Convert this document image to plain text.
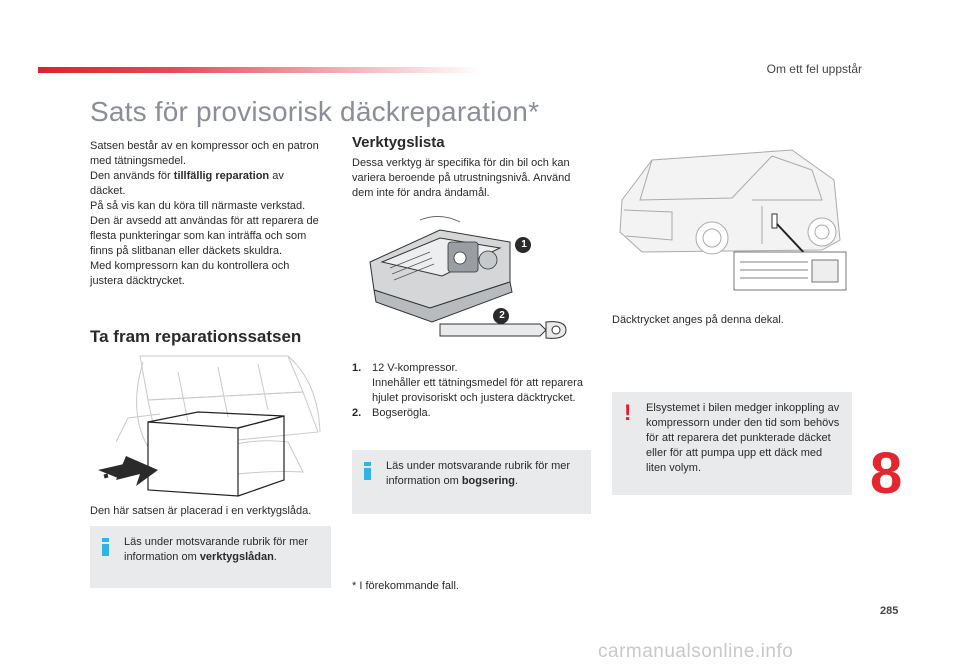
Om ett fel uppstår
Sats för provisorisk däckreparation*
Satsen består av en kompressor och en patron
med tätningsmedel.
Den används för tillfällig reparation av
däcket.
På så vis kan du köra till närmaste verkstad.
Den är avsedd att användas för att reparera de
flesta punkteringar som kan inträffa och som
finns på slitbanan eller däckets skuldra.
Med kompressorn kan du kontrollera och
justera däcktrycket.
Ta fram reparationssatsen
Den här satsen är placerad i en verktygslåda.
Läs under motsvarande rubrik för mer
information om verktygslådan.
Verktygslista
Dessa verktyg är specifika för din bil och kan
variera beroende på utrustningsnivå. Använd
dem inte för andra ändamål.
1
2
1. 12 V-kompressor.
Innehåller ett tätningsmedel för att reparera
hjulet provisoriskt och justera däcktrycket.
2. Bogserögla.
Läs under motsvarande rubrik för mer
information om bogsering.
* I förekommande fall.
Däcktrycket anges på denna dekal.
! Elsystemet i bilen medger inkoppling av
kompressorn under den tid som behövs
för att reparera det punkterade däcket
eller för att pumpa upp ett däck med
liten volym.	8
285
carmanualsonline.info
